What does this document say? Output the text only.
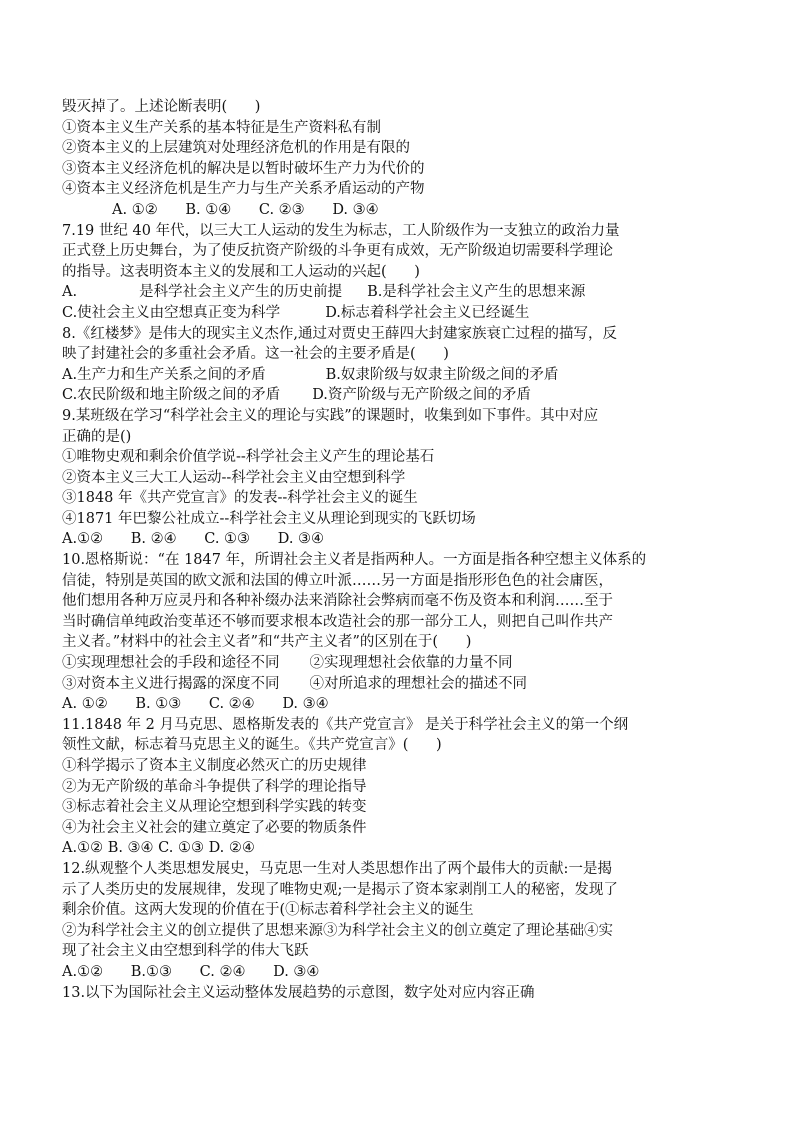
毁灭掉了。上述论断表明(      )
①资本主义生产关系的基本特征是生产资料私有制
②资本主义的上层建筑对处理经济危机的作用是有限的
③资本主义经济危机的解决是以暂时破坏生产力为代价的
④资本主义经济危机是生产力与生产关系矛盾运动的产物
A. ①②      B. ①④      C. ②③      D. ③④
7.19 世纪 40 年代，以三大工人运动的发生为标志，工人阶级作为一支独立的政治力量
正式登上历史舞台，为了使反抗资产阶级的斗争更有成效，无产阶级迫切需要科学理论
的指导。这表明资本主义的发展和工人运动的兴起(      )
A.	是科学社会主义产生的历史前提 B.是科学社会主义产生的思想来源
C.使社会主义由空想真正变为科学	D.标志着科学社会主义已经诞生
8.《红楼梦》是伟大的现实主义杰作,通过对贾史王薛四大封建家族衰亡过程的描写，反
映了封建社会的多重社会矛盾。这一社会的主要矛盾是(      )
A.生产力和生产关系之间的矛盾	B.奴隶阶级与奴隶主阶级之间的矛盾
C.农民阶级和地主阶级之间的矛盾 D.资产阶级与无产阶级之间的矛盾
9.某班级在学习“科学社会主义的理论与实践”的课题时，收集到如下事件。其中对应
正确的是()
①唯物史观和剩余价值学说--科学社会主义产生的理论基石
②资本主义三大工人运动--科学社会主义由空想到科学
③1848 年《共产党宣言》的发表--科学社会主义的诞生
④1871 年巴黎公社成立--科学社会主义从理论到现实的飞跃切场
A.①②      B. ②④      C. ①③      D. ③④
10.恩格斯说：“在 1847 年，所谓社会主义者是指两种人。一方面是指各种空想主义体系的
信徒，特别是英国的欧文派和法国的傅立叶派……另一方面是指形形色色的社会庸医，
他们想用各种万应灵丹和各种补缀办法来消除社会弊病而毫不伤及资本和利润……至于
当时确信单纯政治变革还不够而要求根本改造社会的那一部分工人，则把自己叫作共产
主义者。”材料中的社会主义者”和“共产主义者”的区别在于(      )
①实现理想社会的手段和途径不同 ②实现理想社会依靠的力量不同
③对资本主义进行揭露的深度不同 ④对所追求的理想社会的描述不同
A. ①②      B. ①③      C. ②④      D. ③④
11.1848 年 2 月马克思、恩格斯发表的《共产党宣言》 是关于科学社会主义的第一个纲
领性文献，标志着马克思主义的诞生。《共产党宣言》(      )
①科学揭示了资本主义制度必然灭亡的历史规律
②为无产阶级的革命斗争提供了科学的理论指导
③标志着社会主义从理论空想到科学实践的转变
④为社会主义社会的建立奠定了必要的物质条件
A.①② B. ③④ C. ①③ D. ②④
12.纵观整个人类思想发展史，马克思一生对人类思想作出了两个最伟大的贡献:一是揭
示了人类历史的发展规律，发现了唯物史观;一是揭示了资本家剥削工人的秘密，发现了
剩余价值。这两大发现的价值在于(①标志着科学社会主义的诞生
②为科学社会主义的创立提供了思想来源③为科学社会主义的创立奠定了理论基础④实
现了社会主义由空想到科学的伟大飞跃
A.①②      B.①③      C. ②④      D. ③④
13.以下为国际社会主义运动整体发展趋势的示意图，数字处对应内容正确
